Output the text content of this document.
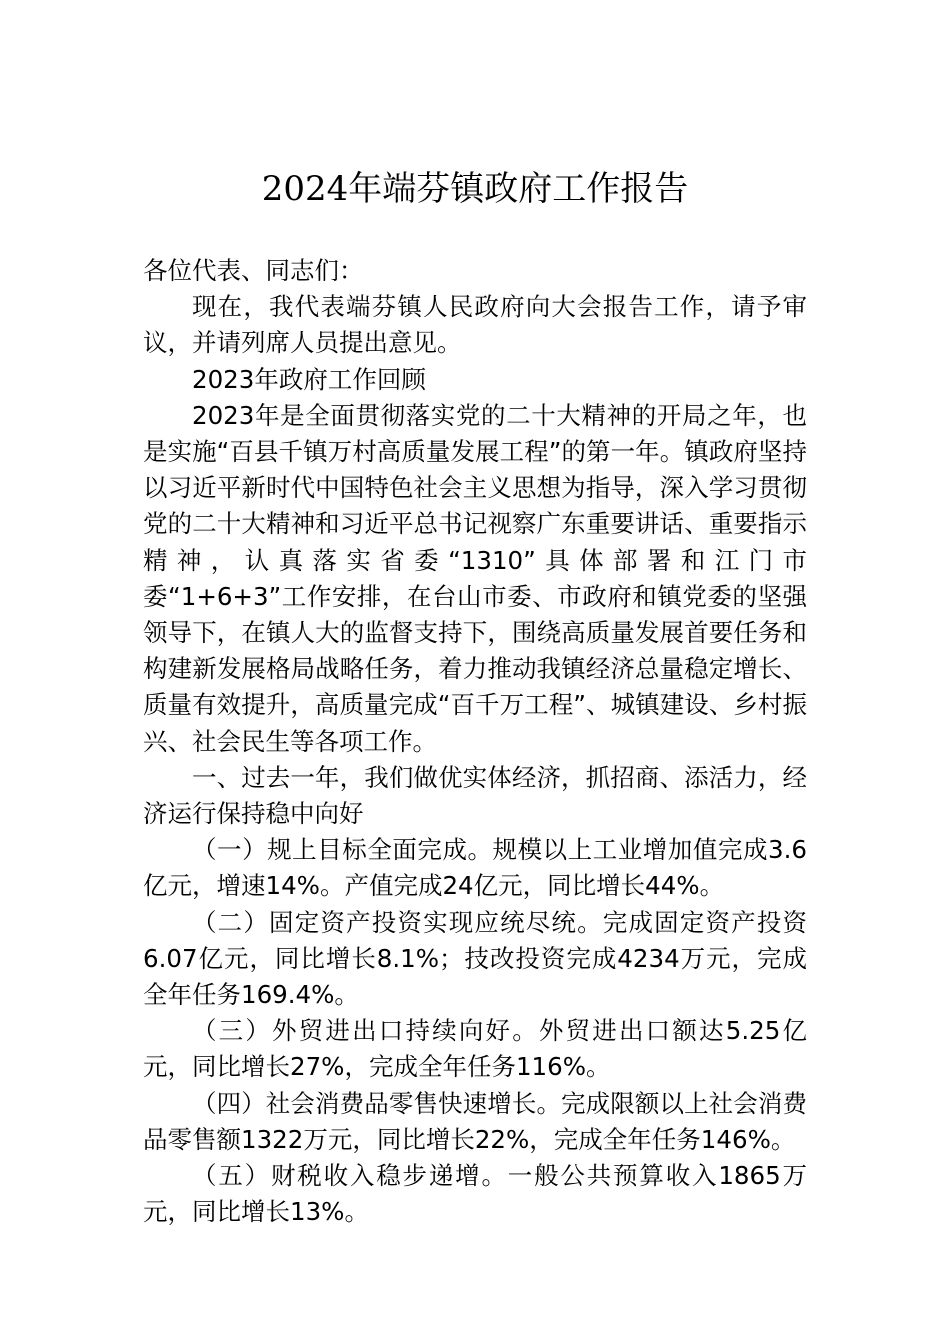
2024年端芬镇政府工作报告

各位代表、同志们：

现在，我代表端芬镇人民政府向大会报告工作，请予审议，并请列席人员提出意见。

2023年政府工作回顾

2023年是全面贯彻落实党的二十大精神的开局之年，也是实施“百县千镇万村高质量发展工程”的第一年。镇政府坚持以习近平新时代中国特色社会主义思想为指导，深入学习贯彻党的二十大精神和习近平总书记视察广东重要讲话、重要指示精神，认真落实省委“1310”具体部署和江门市委“1+6+3”工作安排，在台山市委、市政府和镇党委的坚强领导下，在镇人大的监督支持下，围绕高质量发展首要任务和构建新发展格局战略任务，着力推动我镇经济总量稳定增长、质量有效提升，高质量完成“百千万工程”、城镇建设、乡村振兴、社会民生等各项工作。

一、过去一年，我们做优实体经济，抓招商、添活力，经济运行保持稳中向好

（一）规上目标全面完成。规模以上工业增加值完成3.6亿元，增速14%。产值完成24亿元，同比增长44%。

（二）固定资产投资实现应统尽统。完成固定资产投资6.07亿元，同比增长8.1%；技改投资完成4234万元，完成全年任务169.4%。

（三）外贸进出口持续向好。外贸进出口额达5.25亿元，同比增长27%，完成全年任务116%。

（四）社会消费品零售快速增长。完成限额以上社会消费品零售额1322万元，同比增长22%，完成全年任务146%。

（五）财税收入稳步递增。一般公共预算收入1865万元，同比增长13%。
